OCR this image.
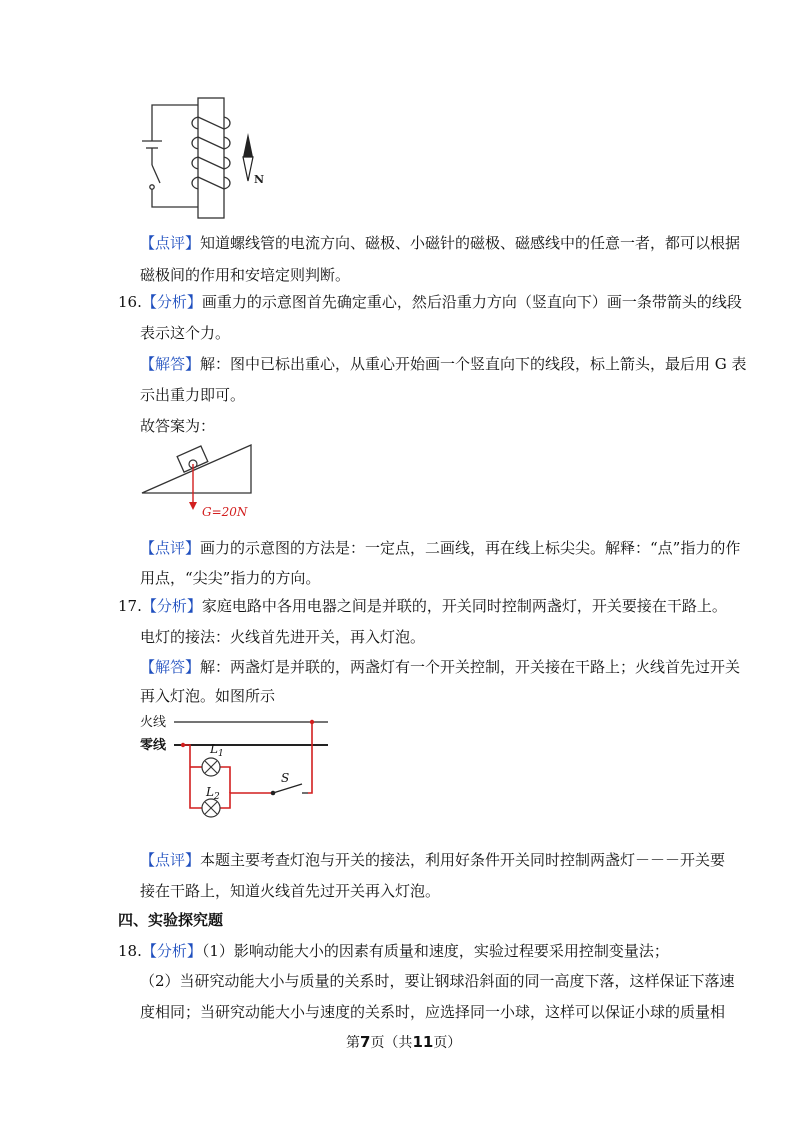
N
【点评】知道螺线管的电流方向、磁极、小磁针的磁极、磁感线中的任意一者，都可以根据
磁极间的作用和安培定则判断。
16.【分析】画重力的示意图首先确定重心，然后沿重力方向（竖直向下）画一条带箭头的线段
表示这个力。
【解答】解：图中已标出重心，从重心开始画一个竖直向下的线段，标上箭头，最后用 G 表
示出重力即可。
故答案为：
G=20N
【点评】画力的示意图的方法是：一定点，二画线，再在线上标尖尖。解释：“点”指力的作
用点，“尖尖”指力的方向。
17.【分析】家庭电路中各用电器之间是并联的，开关同时控制两盏灯，开关要接在干路上。
电灯的接法：火线首先进开关，再入灯泡。
【解答】解：两盏灯是并联的，两盏灯有一个开关控制，开关接在干路上；火线首先过开关
再入灯泡。如图所示
火线
零线	$L_1$
$L_2$
S
【点评】本题主要考查灯泡与开关的接法，利用好条件开关同时控制两盏灯－－－开关要
接在干路上，知道火线首先过开关再入灯泡。
四、实验探究题
18.【分析】（1）影响动能大小的因素有质量和速度，实验过程要采用控制变量法；
（2）当研究动能大小与质量的关系时，要让钢球沿斜面的同一高度下落，这样保证下落速
度相同；当研究动能大小与速度的关系时，应选择同一小球，这样可以保证小球的质量相
第7页（共11页）
